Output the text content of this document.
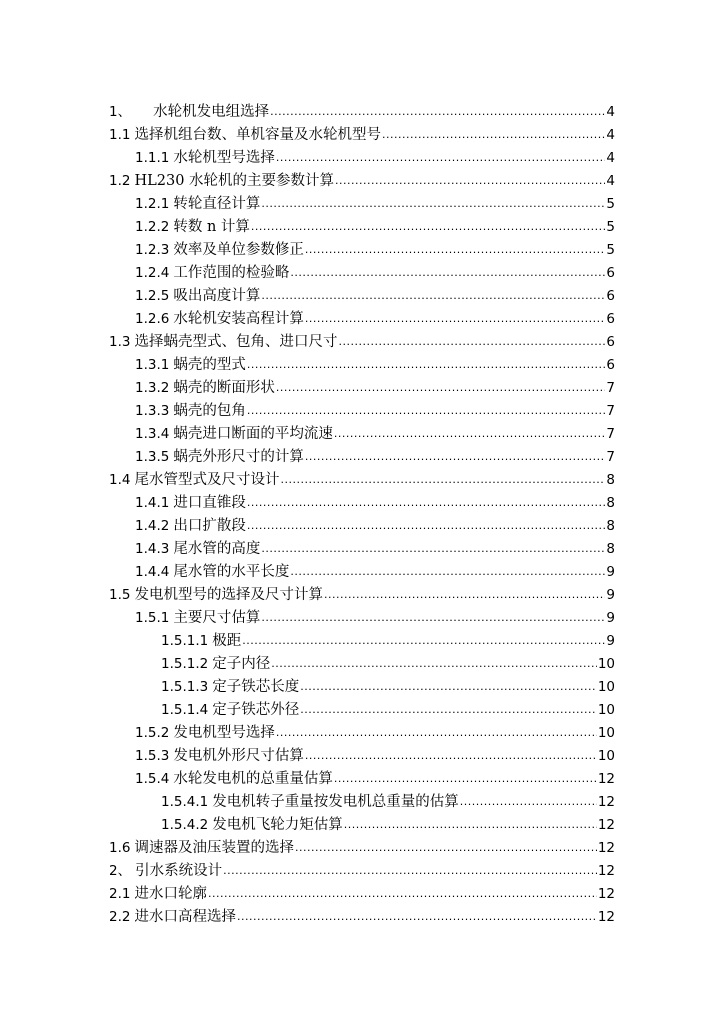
1、 水轮机发电组选择 .....	4
1.1 选择机组台数、单机容量及水轮机型号 .....	4
1.1.1 水轮机型号选择 .....	4
1.2 HL230 水轮机的主要参数计算 .....	4
1.2.1 转轮直径计算 .....	5
1.2.2 转数 n 计算 .....	5
1.2.3 效率及单位参数修正 .....	5
1.2.4 工作范围的检验略 .....	6
1.2.5 吸出高度计算 .....	6
1.2.6 水轮机安装高程计算 .....	6
1.3 选择蜗壳型式、包角、进口尺寸 .....	6
1.3.1 蜗壳的型式 .....	6
1.3.2 蜗壳的断面形状 .....	7
1.3.3 蜗壳的包角 .....	7
1.3.4 蜗壳进口断面的平均流速 .....	7
1.3.5 蜗壳外形尺寸的计算 .....	7
1.4 尾水管型式及尺寸设计 .....	8
1.4.1 进口直锥段 .....	8
1.4.2 出口扩散段 .....	8
1.4.3 尾水管的高度 .....	8
1.4.4 尾水管的水平长度 .....	9
1.5 发电机型号的选择及尺寸计算 .....	9
1.5.1 主要尺寸估算 .....	9
1.5.1.1 极距 .....	9
1.5.1.2 定子内径 .....	10
1.5.1.3 定子铁芯长度 .....	10
1.5.1.4 定子铁芯外径 .....	10
1.5.2 发电机型号选择 .....	10
1.5.3 发电机外形尺寸估算 .....	10
1.5.4 水轮发电机的总重量估算 .....	12
1.5.4.1 发电机转子重量按发电机总重量的估算 .....	12
1.5.4.2 发电机飞轮力矩估算 .....	12
1.6 调速器及油压装置的选择 .....	12
2、 引水系统设计 .....	12
2.1 进水口轮廓 .....	12
2.2 进水口高程选择 .....	12
